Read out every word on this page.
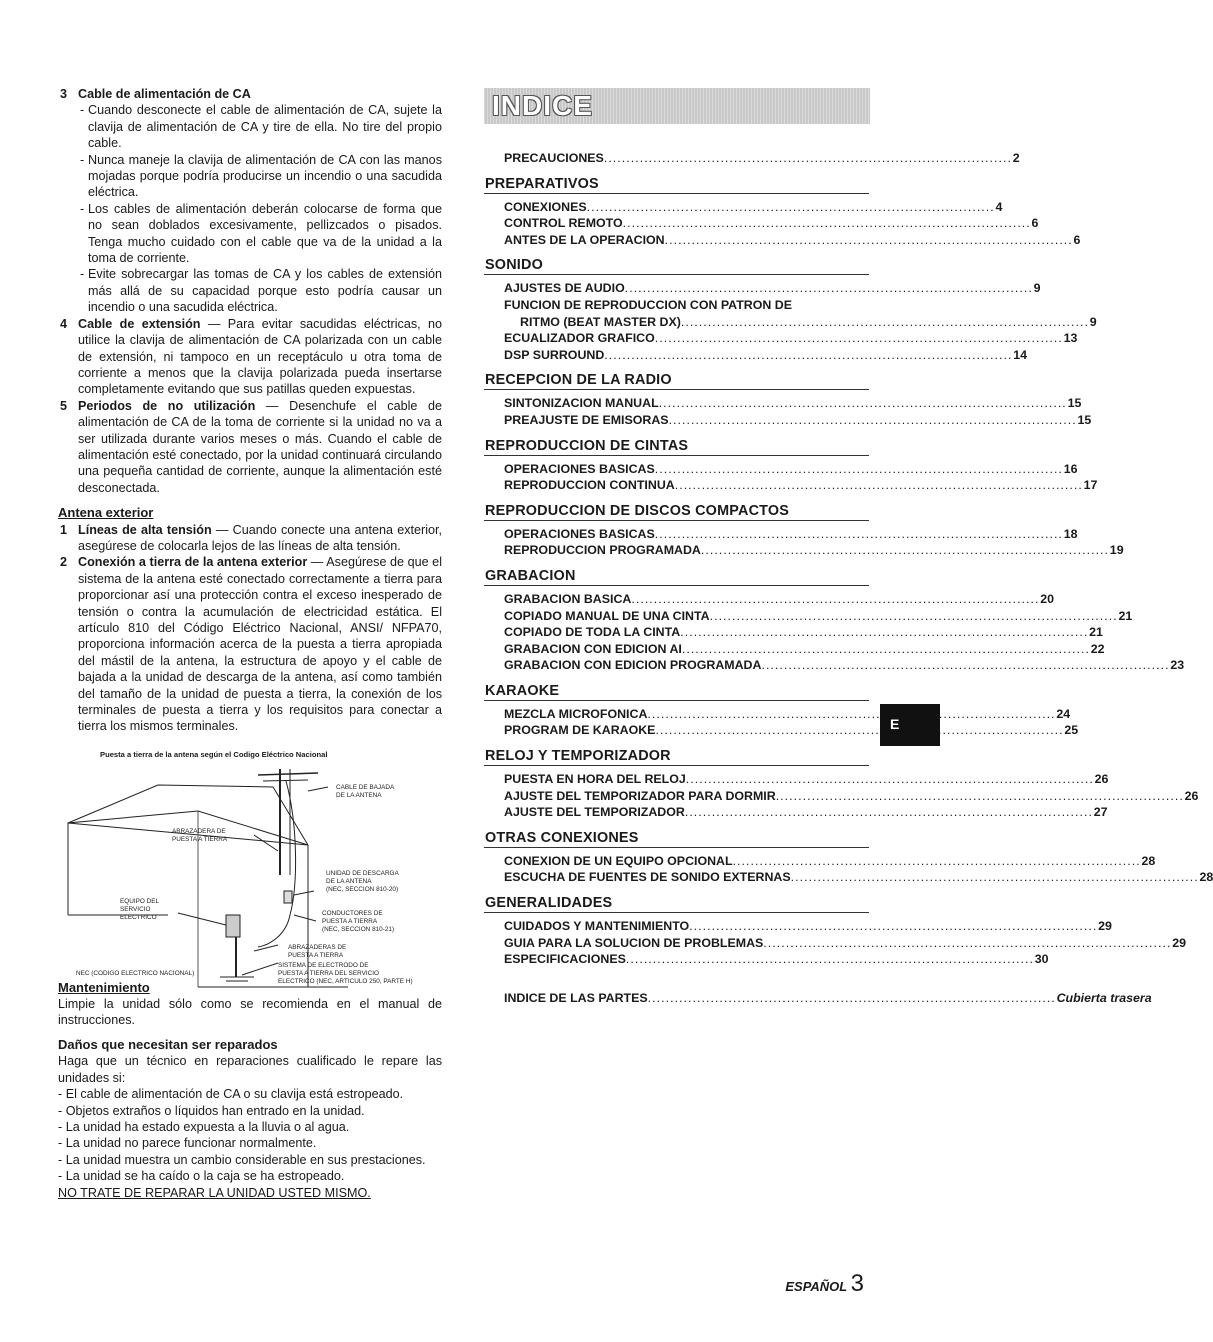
3 Cable de alimentación de CA
- Cuando desconecte el cable de alimentación de CA, sujete la clavija de alimentación de CA y tire de ella. No tire del propio cable.
- Nunca maneje la clavija de alimentación de CA con las manos mojadas porque podría producirse un incendio o una sacudida eléctrica.
- Los cables de alimentación deberán colocarse de forma que no sean doblados excesivamente, pellizcados o pisados. Tenga mucho cuidado con el cable que va de la unidad a la toma de corriente.
- Evite sobrecargar las tomas de CA y los cables de extensión más allá de su capacidad porque esto podría causar un incendio o una sacudida eléctrica.
4 Cable de extensión — Para evitar sacudidas eléctricas, no utilice la clavija de alimentación de CA polarizada con un cable de extensión, ni tampoco en un receptáculo u otra toma de corriente a menos que la clavija polarizada pueda insertarse completamente evitando que sus patillas queden expuestas.
5 Periodos de no utilización — Desenchufe el cable de alimentación de CA de la toma de corriente si la unidad no va a ser utilizada durante varios meses o más. Cuando el cable de alimentación esté conectado, por la unidad continuará circulando una pequeña cantidad de corriente, aunque la alimentación esté desconectada.
Antena exterior
1 Líneas de alta tensión — Cuando conecte una antena exterior, asegúrese de colocarla lejos de las líneas de alta tensión.
2 Conexión a tierra de la antena exterior — Asegúrese de que el sistema de la antena esté conectado correctamente a tierra para proporcionar así una protección contra el exceso inesperado de tensión o contra la acumulación de electricidad estática. El artículo 810 del Código Eléctrico Nacional, ANSI/ NFPA70, proporciona información acerca de la puesta a tierra apropiada del mástil de la antena, la estructura de apoyo y el cable de bajada a la unidad de descarga de la antena, así como también del tamaño de la unidad de puesta a tierra, la conexión de los terminales de puesta a tierra y los requisitos para conectar a tierra los mismos terminales.
Puesta a tierra de la antena según el Codigo Eléctrico Nacional
CABLE DE BAJADA
DE LA ANTENA
ABRAZADERA DE
PUESTA A TIERRA
UNIDAD DE DESCARGA
DE LA ANTENA
(NEC, SECCION 810-20)
EQUIPO DEL
SERVICIO
ELECTRICO
CONDUCTORES DE
PUESTA A TIERRA
(NEC, SECCION 810-21)
ABRAZADERAS DE
PUESTA A TIERRA
SISTEMA DE ELECTRODO DE
PUESTA A TIERRA DEL SERVICIO
ELECTRICO (NEC, ARTICULO 250, PARTE H)
NEC (CODIGO ELECTRICO NACIONAL)
Mantenimiento
Limpie la unidad sólo como se recomienda en el manual de instrucciones.
Daños que necesitan ser reparados
Haga que un técnico en reparaciones cualificado le repare las unidades si:
- El cable de alimentación de CA o su clavija está estropeado.
- Objetos extraños o líquidos han entrado en la unidad.
- La unidad ha estado expuesta a la lluvia o al agua.
- La unidad no parece funcionar normalmente.
- La unidad muestra un cambio considerable en sus prestaciones.
- La unidad se ha caído o la caja se ha estropeado.
NO TRATE DE REPARAR LA UNIDAD USTED MISMO.
INDICE
PRECAUCIONES . . .	2
PREPARATIVOS
CONEXIONES . . .	4
CONTROL REMOTO . . .	6
ANTES DE LA OPERACION . . .	6
SONIDO
AJUSTES DE AUDIO . . .	9
FUNCION DE REPRODUCCION CON PATRON DE
RITMO (BEAT MASTER DX) . . .	9
ECUALIZADOR GRAFICO . . .	13
DSP SURROUND . . .	14
RECEPCION DE LA RADIO
SINTONIZACION MANUAL . . .	15
PREAJUSTE DE EMISORAS . . .	15
REPRODUCCION DE CINTAS
OPERACIONES BASICAS . . .	16
REPRODUCCION CONTINUA . . .	17
REPRODUCCION DE DISCOS COMPACTOS
OPERACIONES BASICAS . . .	18
REPRODUCCION PROGRAMADA . . .	19
GRABACION
GRABACION BASICA . . .	20
COPIADO MANUAL DE UNA CINTA . . .	21
COPIADO DE TODA LA CINTA . . .	21
GRABACION CON EDICION AI . . .	22
GRABACION CON EDICION PROGRAMADA . . .	23
KARAOKE
MEZCLA MICROFONICA . . .	24
PROGRAM DE KARAOKE . . .	25
RELOJ Y TEMPORIZADOR
PUESTA EN HORA DEL RELOJ . . .	26
AJUSTE DEL TEMPORIZADOR PARA DORMIR . . .	26
AJUSTE DEL TEMPORIZADOR . . .	27
OTRAS CONEXIONES
CONEXION DE UN EQUIPO OPCIONAL . . .	28
ESCUCHA DE FUENTES DE SONIDO EXTERNAS . . .	28
GENERALIDADES
CUIDADOS Y MANTENIMIENTO . . .	29
GUIA PARA LA SOLUCION DE PROBLEMAS . . .	29
ESPECIFICACIONES . . .	30
INDICE DE LAS PARTES . . .	Cubierta trasera
E
ESPAÑOL 3
